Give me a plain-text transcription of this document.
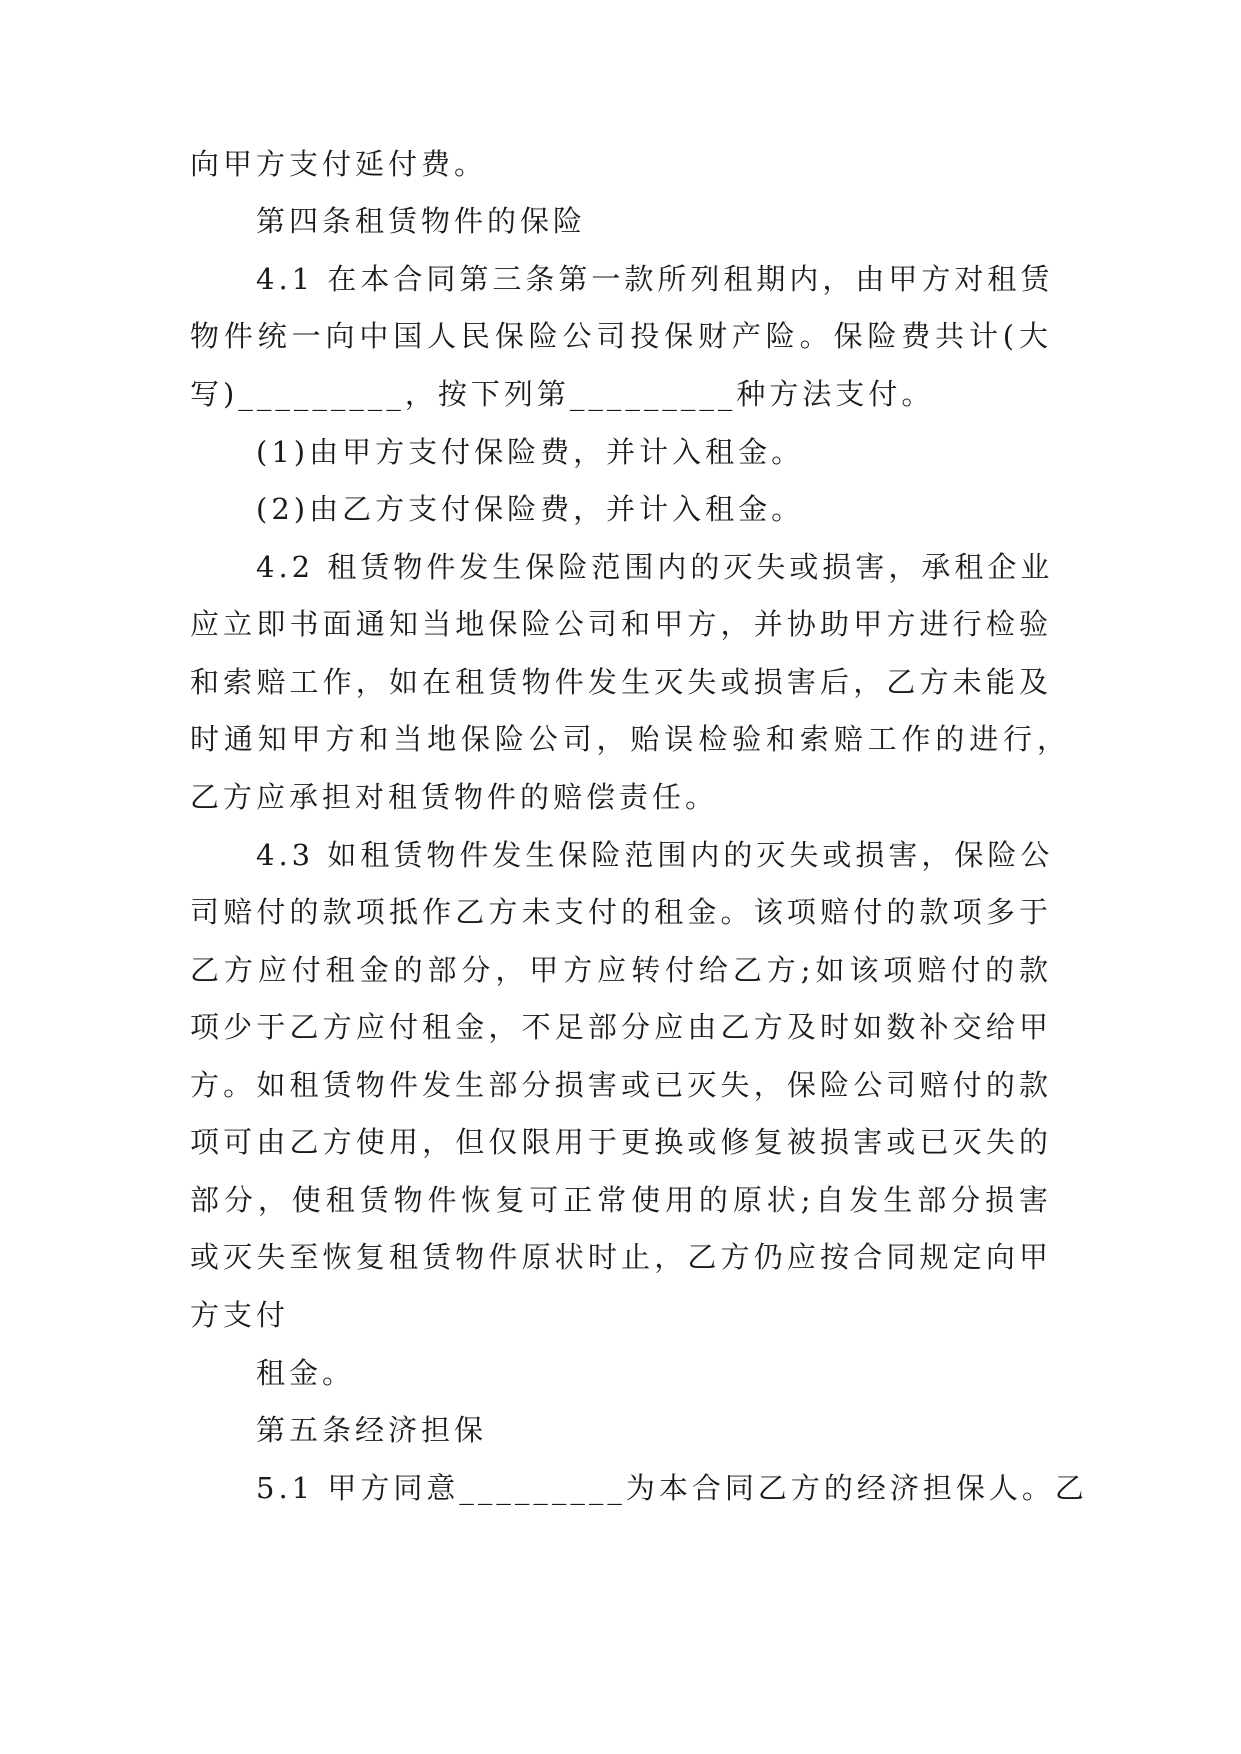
向甲方支付延付费。

第四条租赁物件的保险

4.1 在本合同第三条第一款所列租期内，由甲方对租赁

物件统一向中国人民保险公司投保财产险。保险费共计(大

写)_________，按下列第_________种方法支付。

(1)由甲方支付保险费，并计入租金。

(2)由乙方支付保险费，并计入租金。

4.2 租赁物件发生保险范围内的灭失或损害，承租企业

应立即书面通知当地保险公司和甲方，并协助甲方进行检验

和索赔工作，如在租赁物件发生灭失或损害后，乙方未能及

时通知甲方和当地保险公司，贻误检验和索赔工作的进行，

乙方应承担对租赁物件的赔偿责任。

4.3 如租赁物件发生保险范围内的灭失或损害，保险公

司赔付的款项抵作乙方未支付的租金。该项赔付的款项多于

乙方应付租金的部分，甲方应转付给乙方;如该项赔付的款

项少于乙方应付租金，不足部分应由乙方及时如数补交给甲

方。如租赁物件发生部分损害或已灭失，保险公司赔付的款

项可由乙方使用，但仅限用于更换或修复被损害或已灭失的

部分，使租赁物件恢复可正常使用的原状;自发生部分损害

或灭失至恢复租赁物件原状时止，乙方仍应按合同规定向甲

方支付

租金。

第五条经济担保

5.1 甲方同意_________为本合同乙方的经济担保人。乙
